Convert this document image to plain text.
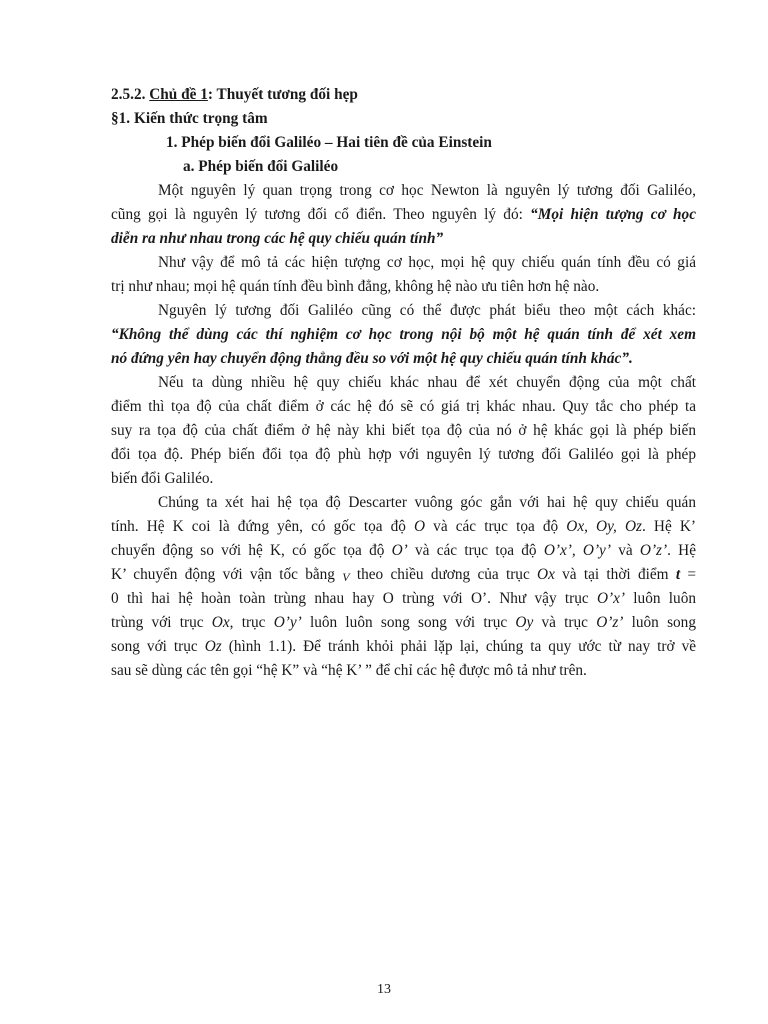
2.5.2. Chủ đề 1: Thuyết tương đối hẹp
§1. Kiến thức trọng tâm
1. Phép biến đổi Galiléo – Hai tiên đề của Einstein
a. Phép biến đổi Galiléo
Một nguyên lý quan trọng trong cơ học Newton là nguyên lý tương đối Galiléo,
cũng gọi là nguyên lý tương đối cổ điển. Theo nguyên lý đó: “Mọi hiện tượng cơ học
diễn ra như nhau trong các hệ quy chiếu quán tính”
Như vậy để mô tả các hiện tượng cơ học, mọi hệ quy chiếu quán tính đều có giá
trị như nhau; mọi hệ quán tính đều bình đẳng, không hệ nào ưu tiên hơn hệ nào.
Nguyên lý tương đối Galiléo cũng có thể được phát biểu theo một cách khác:
“Không thể dùng các thí nghiệm cơ học trong nội bộ một hệ quán tính để xét xem
nó đứng yên hay chuyển động thẳng đều so với một hệ quy chiếu quán tính khác”.
Nếu ta dùng nhiều hệ quy chiếu khác nhau để xét chuyển động của một chất
điểm thì tọa độ của chất điểm ở các hệ đó sẽ có giá trị khác nhau. Quy tắc cho phép ta
suy ra tọa độ của chất điểm ở hệ này khi biết tọa độ của nó ở hệ khác gọi là phép biến
đổi tọa độ. Phép biến đổi tọa độ phù hợp với nguyên lý tương đối Galiléo gọi là phép
biến đổi Galiléo.
Chúng ta xét hai hệ tọa độ Descarter vuông góc gắn với hai hệ quy chiếu quán
tính. Hệ K coi là đứng yên, có gốc tọa độ O và các trục tọa độ Ox, Oy, Oz. Hệ K’
chuyển động so với hệ K, có gốc tọa độ O’ và các trục tọa độ O’x’, O’y’ và O’z’. Hệ
K’ chuyển động với vận tốc bằng V theo chiều dương của trục Ox và tại thời điểm t =
0 thì hai hệ hoàn toàn trùng nhau hay O trùng với O’. Như vậy trục O’x’ luôn luôn
trùng với trục Ox, trục O’y’ luôn luôn song song với trục Oy và trục O’z’ luôn song
song với trục Oz (hình 1.1). Để tránh khỏi phải lặp lại, chúng ta quy ước từ nay trở về
sau sẽ dùng các tên gọi “hệ K” và “hệ K’ ” để chỉ các hệ được mô tả như trên.
13
